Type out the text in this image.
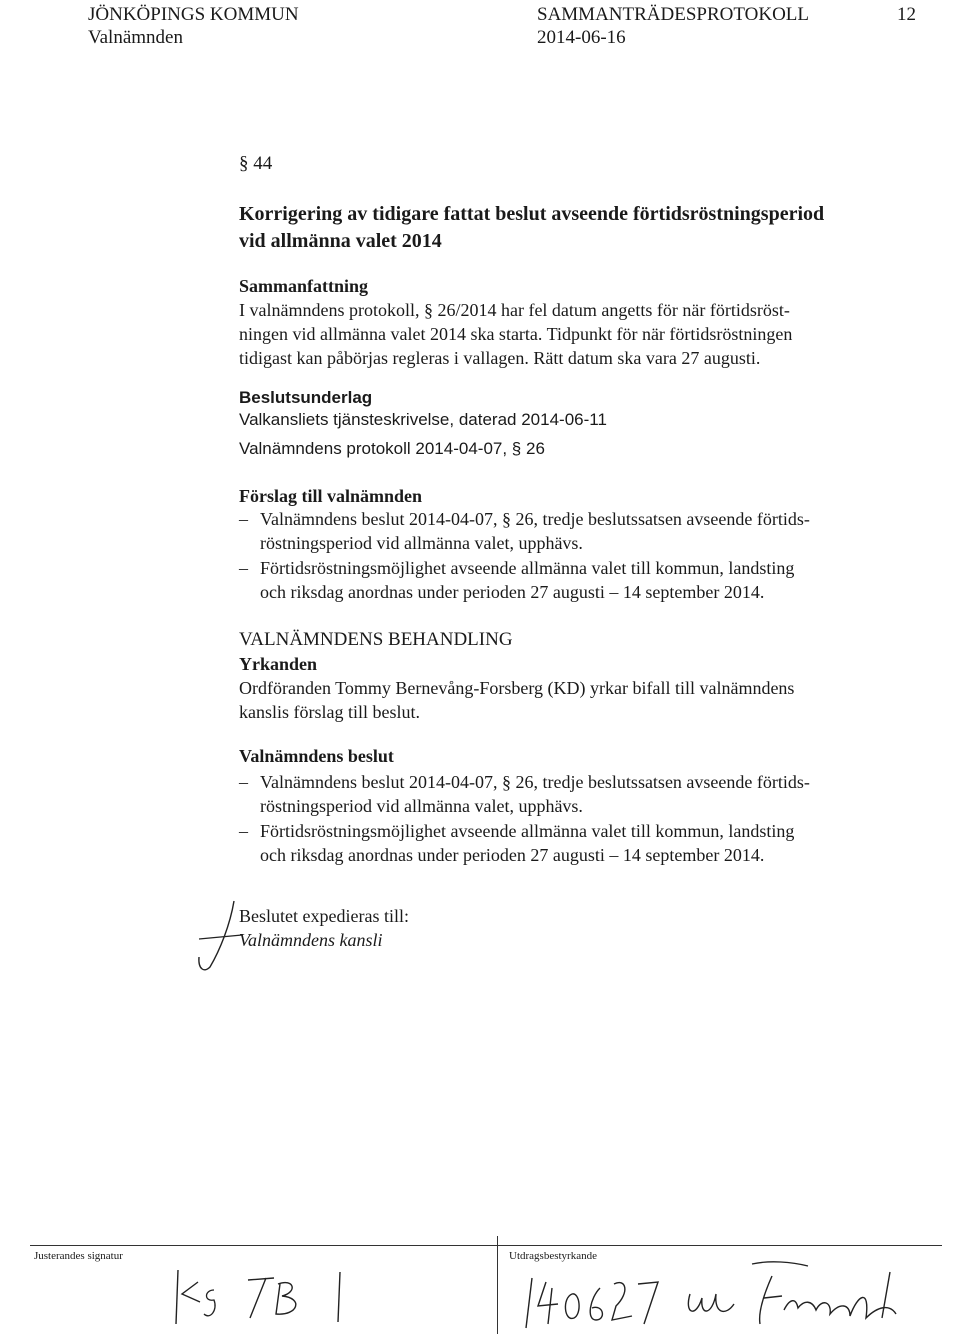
JÖNKÖPINGS KOMMUN
Valnämnden
SAMMANTRÄDESPROTOKOLL
2014-06-16
12
§ 44
Korrigering av tidigare fattat beslut avseende förtidsröstningsperiod
vid allmänna valet 2014
Sammanfattning
I valnämndens protokoll, § 26/2014 har fel datum angetts för när förtidsröst-
ningen vid allmänna valet 2014 ska starta. Tidpunkt för när förtidsröstningen
tidigast kan påbörjas regleras i vallagen. Rätt datum ska vara 27 augusti.
Beslutsunderlag
Valkansliets tjänsteskrivelse, daterad 2014-06-11
Valnämndens protokoll 2014-04-07, § 26
Förslag till valnämnden
– Valnämndens beslut 2014-04-07, § 26, tredje beslutssatsen avseende förtids-
röstningsperiod vid allmänna valet, upphävs.
– Förtidsröstningsmöjlighet avseende allmänna valet till kommun, landsting
och riksdag anordnas under perioden 27 augusti – 14 september 2014.
VALNÄMNDENS BEHANDLING
Yrkanden
Ordföranden Tommy Bernevång-Forsberg (KD) yrkar bifall till valnämndens
kanslis förslag till beslut.
Valnämndens beslut
– Valnämndens beslut 2014-04-07, § 26, tredje beslutssatsen avseende förtids-
röstningsperiod vid allmänna valet, upphävs.
– Förtidsröstningsmöjlighet avseende allmänna valet till kommun, landsting
och riksdag anordnas under perioden 27 augusti – 14 september 2014.
Beslutet expedieras till:
Valnämndens kansli
Justerandes signatur	Utdragsbestyrkande
